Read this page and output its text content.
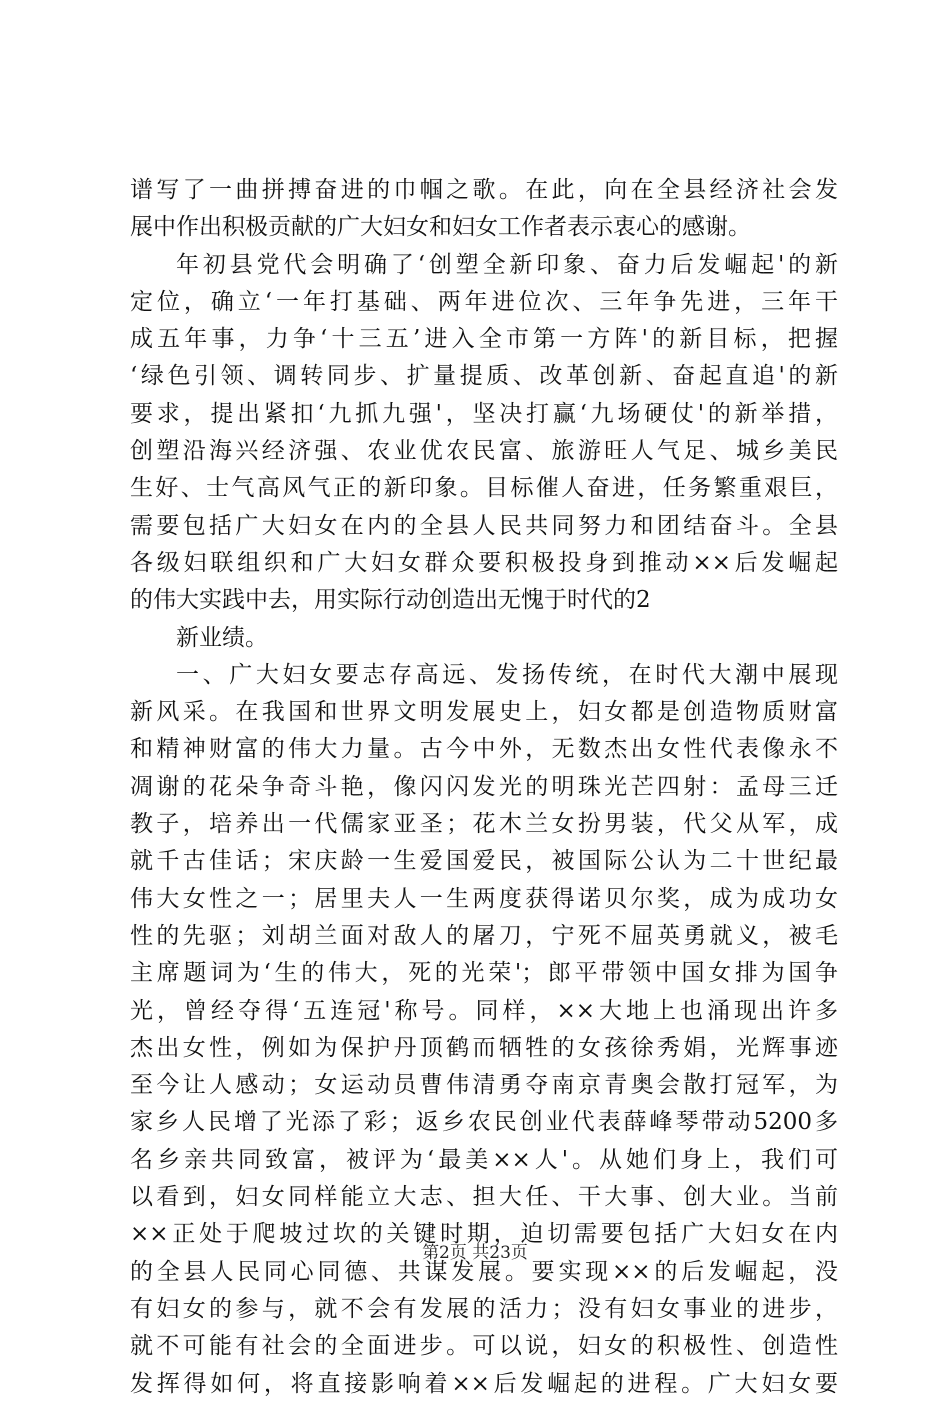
谱写了一曲拼搏奋进的巾帼之歌。在此，向在全县经济社会发
展中作出积极贡献的广大妇女和妇女工作者表示衷心的感谢。
年初县党代会明确了‘创塑全新印象、奋力后发崛起'的新
定位，确立‘一年打基础、两年进位次、三年争先进，三年干
成五年事，力争‘十三五’进入全市第一方阵'的新目标，把握
‘绿色引领、调转同步、扩量提质、改革创新、奋起直追'的新
要求，提出紧扣‘九抓九强'，坚决打赢‘九场硬仗'的新举措，
创塑沿海兴经济强、农业优农民富、旅游旺人气足、城乡美民
生好、士气高风气正的新印象。目标催人奋进，任务繁重艰巨，
需要包括广大妇女在内的全县人民共同努力和团结奋斗。全县
各级妇联组织和广大妇女群众要积极投身到推动××后发崛起
的伟大实践中去，用实际行动创造出无愧于时代的2
新业绩。
一、广大妇女要志存高远、发扬传统，在时代大潮中展现
新风采。在我国和世界文明发展史上，妇女都是创造物质财富
和精神财富的伟大力量。古今中外，无数杰出女性代表像永不
凋谢的花朵争奇斗艳，像闪闪发光的明珠光芒四射：孟母三迁
教子，培养出一代儒家亚圣；花木兰女扮男装，代父从军，成
就千古佳话；宋庆龄一生爱国爱民，被国际公认为二十世纪最
伟大女性之一；居里夫人一生两度获得诺贝尔奖，成为成功女
性的先驱；刘胡兰面对敌人的屠刀，宁死不屈英勇就义，被毛
主席题词为‘生的伟大，死的光荣'；郎平带领中国女排为国争
光，曾经夺得‘五连冠'称号。同样，××大地上也涌现出许多
杰出女性，例如为保护丹顶鹤而牺牲的女孩徐秀娟，光辉事迹
至今让人感动；女运动员曹伟清勇夺南京青奥会散打冠军，为
家乡人民增了光添了彩；返乡农民创业代表薛峰琴带动5200多
名乡亲共同致富，被评为‘最美××人'。从她们身上，我们可
以看到，妇女同样能立大志、担大任、干大事、创大业。当前
××正处于爬坡过坎的关键时期，迫切需要包括广大妇女在内
的全县人民同心同德、共谋发展。要实现××的后发崛起，没
有妇女的参与，就不会有发展的活力；没有妇女事业的进步，
就不可能有社会的全面进步。可以说，妇女的积极性、创造性
发挥得如何，将直接影响着××后发崛起的进程。广大妇女要
第2页 共23页
